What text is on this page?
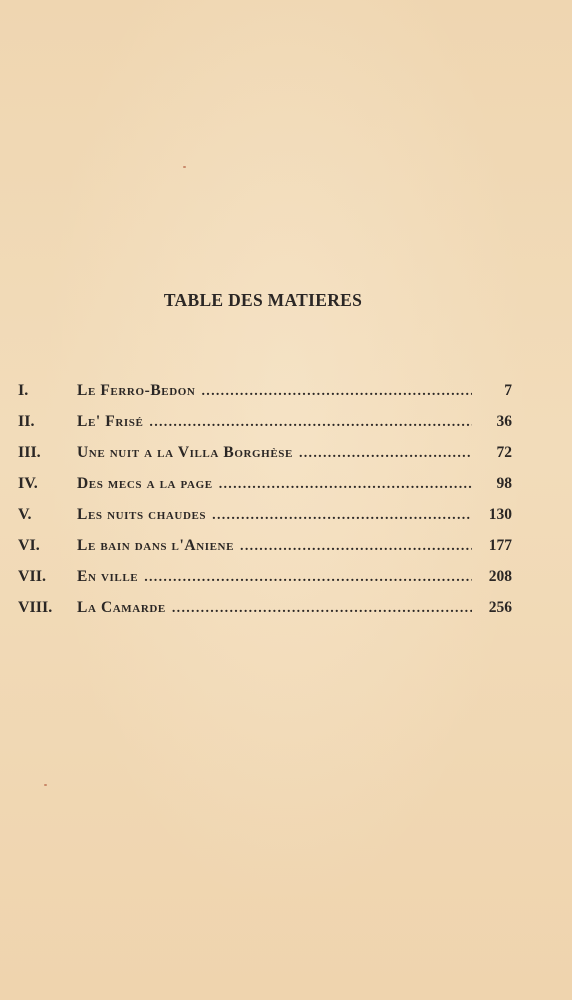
TABLE DES MATIERES
I.	Le Ferro-Bedon . . .	7
II.	Le' Frisé . . .	36
III. Une nuit a la Villa Borghèse . . .	72
IV.	Des mecs a la page . . .	98
V.	Les nuits chaudes . . .	130
VI. Le bain dans l'Aniene . . .	177
VII. En ville . . .	208
VIII. La Camarde . . .	256
